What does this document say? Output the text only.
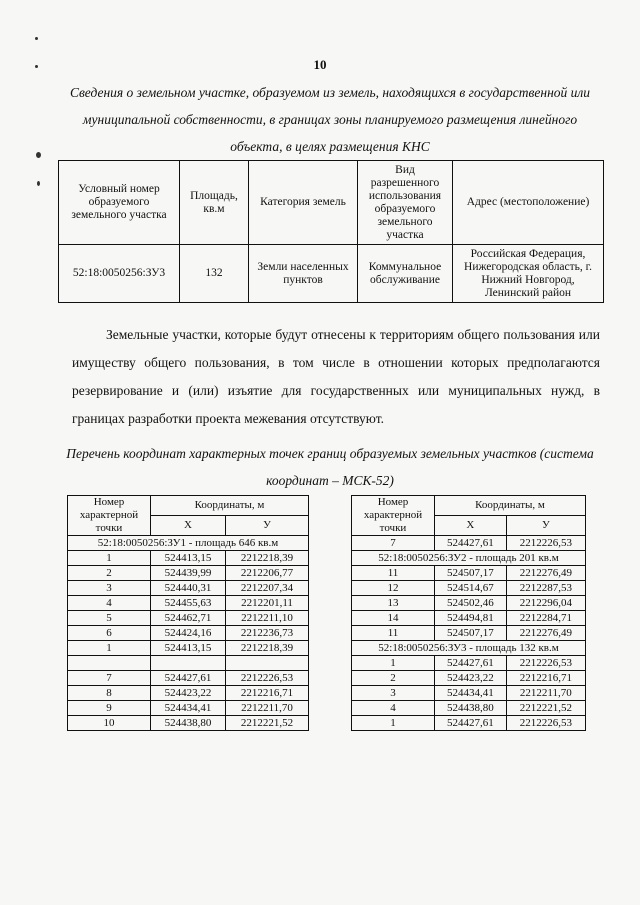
10
Сведения о земельном участке, образуемом из земель, находящихся в государственной или муниципальной собственности, в границах зоны планируемого размещения линейного объекта, в целях размещения КНС
Условный номер образуемого земельного участка	Площадь, кв.м	Категория земель	Вид разрешенного использования образуемого земельного участка	Адрес (местоположение)
52:18:0050256:ЗУ3	132	Земли населенных пунктов	Коммунальное обслуживание	Российская Федерация, Нижегородская область, г. Нижний Новгород, Ленинский район
Земельные участки, которые будут отнесены к территориям общего пользования или имуществу общего пользования, в том числе в отношении которых предполагаются резервирование и (или) изъятие для государственных или муниципальных нужд, в границах разработки проекта межевания отсутствуют.
Перечень координат характерных точек границ образуемых земельных участков (система координат – МСК-52)
Номер характерной точки	Координаты, м	
	X	У
52:18:0050256:ЗУ1 - площадь 646 кв.м		
1	524413,15	2212218,39
2	524439,99	2212206,77
3	524440,31	2212207,34
4	524455,63	2212201,11
5	524462,71	2212211,10
6	524424,16	2212236,73
1	524413,15	2212218,39

7	524427,61	2212226,53
8	524423,22	2212216,71
9	524434,41	2212211,70
10	524438,80	2212221,52
Номер характерной точки	Координаты, м	
	X	У
7	524427,61	2212226,53
52:18:0050256:ЗУ2 - площадь 201 кв.м		
11	524507,17	2212276,49
12	524514,67	2212287,53
13	524502,46	2212296,04
14	524494,81	2212284,71
11	524507,17	2212276,49
52:18:0050256:ЗУ3 - площадь 132 кв.м		
1	524427,61	2212226,53
2	524423,22	2212216,71
3	524434,41	2212211,70
4	524438,80	2212221,52
1	524427,61	2212226,53
